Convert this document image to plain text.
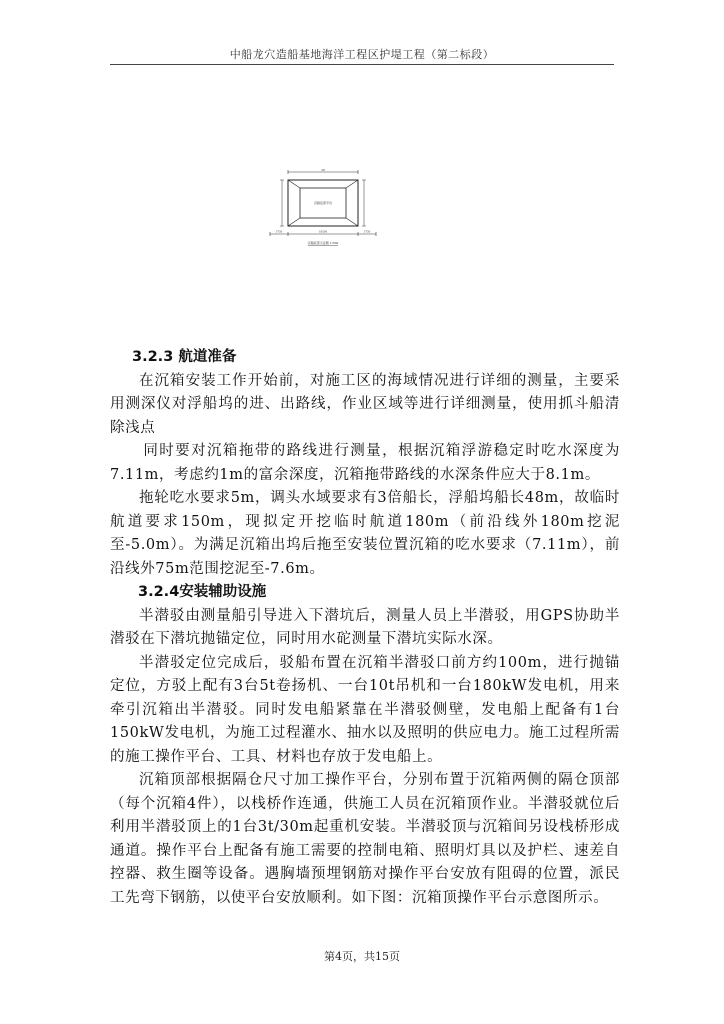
中船龙穴造船基地海洋工程区护堤工程（第二标段）
28
沉箱底部平台
3750	18500	3750
沉箱底部示意图 1:500
3.2.3 航道准备

在沉箱安装工作开始前，对施工区的海域情况进行详细的测量，主要采用测深仪对浮船坞的进、出路线，作业区域等进行详细测量，使用抓斗船清除浅点

同时要对沉箱拖带的路线进行测量，根据沉箱浮游稳定时吃水深度为7.11m，考虑约1m的富余深度，沉箱拖带路线的水深条件应大于8.1m。

拖轮吃水要求5m，调头水域要求有3倍船长，浮船坞船长48m，故临时航道要求150m，现拟定开挖临时航道180m（前沿线外180m挖泥至-5.0m）。为满足沉箱出坞后拖至安装位置沉箱的吃水要求（7.11m），前沿线外75m范围挖泥至-7.6m。

3.2.4安装辅助设施

半潜驳由测量船引导进入下潜坑后，测量人员上半潜驳，用GPS协助半潜驳在下潜坑抛锚定位，同时用水砣测量下潜坑实际水深。

半潜驳定位完成后，驳船布置在沉箱半潜驳口前方约100m，进行抛锚定位，方驳上配有3台5t卷扬机、一台10t吊机和一台180kW发电机，用来牵引沉箱出半潜驳。同时发电船紧靠在半潜驳侧壁，发电船上配备有1台150kW发电机，为施工过程灌水、抽水以及照明的供应电力。施工过程所需的施工操作平台、工具、材料也存放于发电船上。

沉箱顶部根据隔仓尺寸加工操作平台，分别布置于沉箱两侧的隔仓顶部（每个沉箱4件），以栈桥作连通，供施工人员在沉箱顶作业。半潜驳就位后利用半潜驳顶上的1台3t/30m起重机安装。半潜驳顶与沉箱间另设栈桥形成通道。操作平台上配备有施工需要的控制电箱、照明灯具以及护栏、速差自控器、救生圈等设备。遇胸墙预埋钢筋对操作平台安放有阻碍的位置，派民工先弯下钢筋，以使平台安放顺利。如下图：沉箱顶操作平台示意图所示。

第4页，共15页
